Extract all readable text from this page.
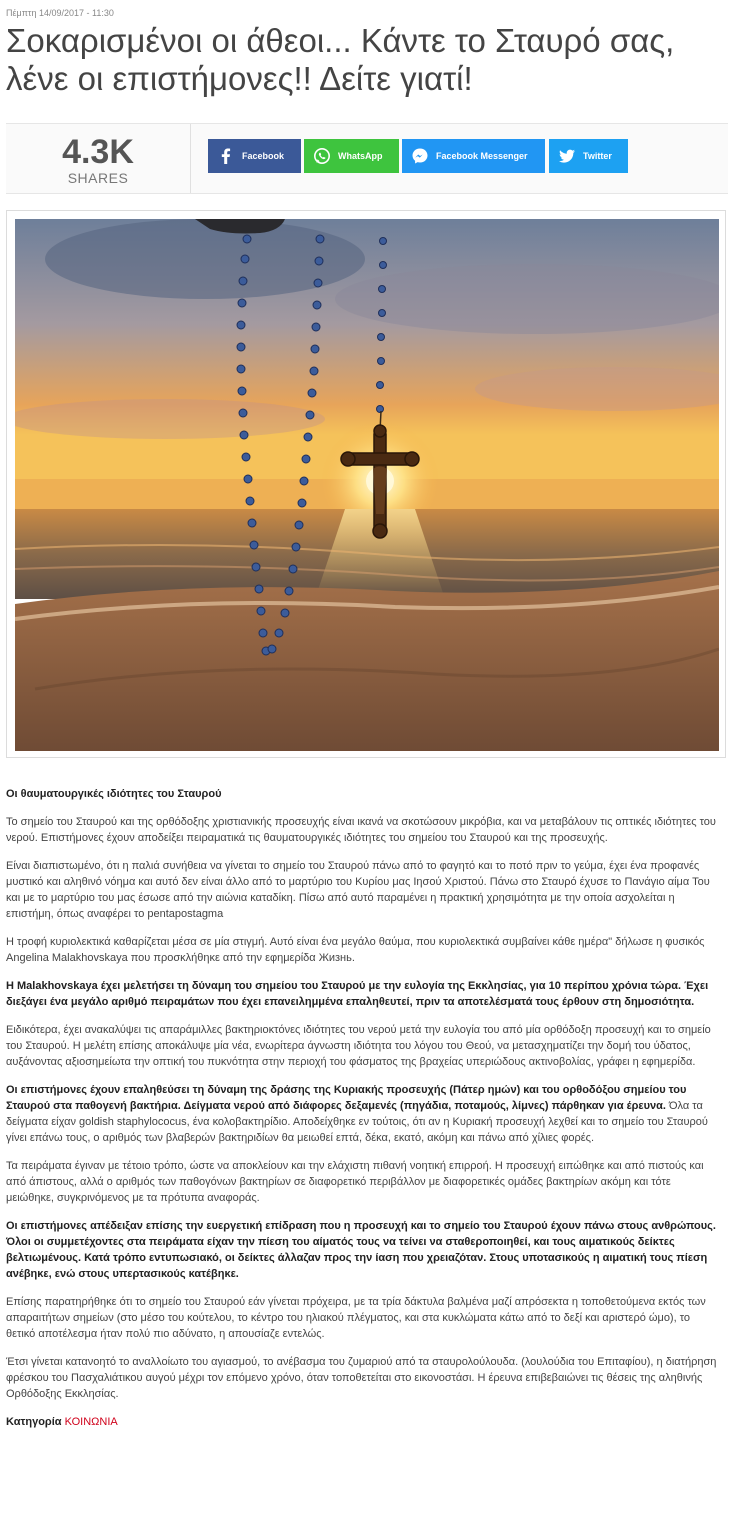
Πέμπτη 14/09/2017 - 11:30
Σοκαρισμένοι οι άθεοι... Κάντε το Σταυρό σας, λένε οι επιστήμονες!! Δείτε γιατί!
4.3K
SHARES
Facebook	WhatsApp	Facebook Messenger	Twitter
Οι θαυματουργικές ιδιότητες του Σταυρού

Το σημείο του Σταυρού και της ορθόδοξης χριστιανικής προσευχής είναι ικανά να σκοτώσουν μικρόβια, και να μεταβάλουν τις οπτικές ιδιότητες του νερού. Επιστήμονες έχουν αποδείξει πειραματικά τις θαυματουργικές ιδιότητες του σημείου του Σταυρού και της προσευχής.

Είναι διαπιστωμένο, ότι η παλιά συνήθεια να γίνεται το σημείο του Σταυρού πάνω από το φαγητό και το ποτό πριν το γεύμα, έχει ένα προφανές μυστικό και αληθινό νόημα και αυτό δεν είναι άλλο από το μαρτύριο του Κυρίου μας Ιησού Χριστού. Πάνω στο Σταυρό έχυσε το Πανάγιο αίμα Του και με το μαρτύριο του μας έσωσε από την αιώνια καταδίκη. Πίσω από αυτό παραμένει η πρακτική χρησιμότητα με την οποία ασχολείται η επιστήμη, όπως αναφέρει το pentapostagma

Η τροφή κυριολεκτικά καθαρίζεται μέσα σε μία στιγμή. Αυτό είναι ένα μεγάλο θαύμα, που κυριολεκτικά συμβαίνει κάθε ημέρα" δήλωσε η φυσικός Angelina Malakhovskaya που προσκλήθηκε από την εφημερίδα Жизнь.

Η Malakhovskaya έχει μελετήσει τη δύναμη του σημείου του Σταυρού με την ευλογία της Εκκλησίας, για 10 περίπου χρόνια τώρα. Έχει διεξάγει ένα μεγάλο αριθμό πειραμάτων που έχει επανειλημμένα επαληθευτεί, πριν τα αποτελέσματά τους έρθουν στη δημοσιότητα.

Ειδικότερα, έχει ανακαλύψει τις απαράμιλλες βακτηριοκτόνες ιδιότητες του νερού μετά την ευλογία του από μία ορθόδοξη προσευχή και το σημείο του Σταυρού. Η μελέτη επίσης αποκάλυψε μία νέα, ενωρίτερα άγνωστη ιδιότητα του λόγου του Θεού, να μετασχηματίζει την δομή του ύδατος, αυξάνοντας αξιοσημείωτα την οπτική του πυκνότητα στην περιοχή του φάσματος της βραχείας υπεριώδους ακτινοβολίας, γράφει η εφημερίδα.

Οι επιστήμονες έχουν επαληθεύσει τη δύναμη της δράσης της Κυριακής προσευχής (Πάτερ ημών) και του ορθοδόξου σημείου του Σταυρού στα παθογενή βακτήρια. Δείγματα νερού από διάφορες δεξαμενές (πηγάδια, ποταμούς, λίμνες) πάρθηκαν για έρευνα. Όλα τα δείγματα είχαν goldish staphylococus, ένα κολοβακτηρίδιο. Αποδείχθηκε εν τούτοις, ότι αν η Κυριακή προσευχή λεχθεί και το σημείο του Σταυρού γίνει επάνω τους, ο αριθμός των βλαβερών βακτηριδίων θα μειωθεί επτά, δέκα, εκατό, ακόμη και πάνω από χίλιες φορές.

Τα πειράματα έγιναν με τέτοιο τρόπο, ώστε να αποκλείουν και την ελάχιστη πιθανή νοητική επιρροή. Η προσευχή ειπώθηκε και από πιστούς και από άπιστους, αλλά ο αριθμός των παθογόνων βακτηρίων σε διαφορετικό περιβάλλον με διαφορετικές ομάδες βακτηρίων ακόμη και τότε μειώθηκε, συγκρινόμενος με τα πρότυπα αναφοράς.

Οι επιστήμονες απέδειξαν επίσης την ευεργετική επίδραση που η προσευχή και το σημείο του Σταυρού έχουν πάνω στους ανθρώπους. Όλοι οι συμμετέχοντες στα πειράματα είχαν την πίεση του αίματός τους να τείνει να σταθεροποιηθεί, και τους αιματικούς δείκτες βελτιωμένους. Κατά τρόπο εντυπωσιακό, οι δείκτες άλλαζαν προς την ίαση που χρειαζόταν. Στους υποτασικούς η αιματική τους πίεση ανέβηκε, ενώ στους υπερτασικούς κατέβηκε.

Επίσης παρατηρήθηκε ότι το σημείο του Σταυρού εάν γίνεται πρόχειρα, με τα τρία δάκτυλα βαλμένα μαζί απρόσεκτα η τοποθετούμενα εκτός των απαραιτήτων σημείων (στο μέσο του κούτελου, το κέντρο του ηλιακού πλέγματος, και στα κυκλώματα κάτω από το δεξί και αριστερό ώμο), το θετικό αποτέλεσμα ήταν πολύ πιο αδύνατο, η απουσίαζε εντελώς.

Έτσι γίνεται κατανοητό το αναλλοίωτο του αγιασμού, το ανέβασμα του ζυμαριού από τα σταυρολούλουδα. (λουλούδια του Επιταφίου), η διατήρηση φρέσκου του Πασχαλιάτικου αυγού μέχρι τον επόμενο χρόνο, όταν τοποθετείται στο εικονοστάσι. Η έρευνα επιβεβαιώνει τις θέσεις της αληθινής Ορθόδοξης Εκκλησίας.

Κατηγορία ΚΟΙΝΩΝΙΑ
